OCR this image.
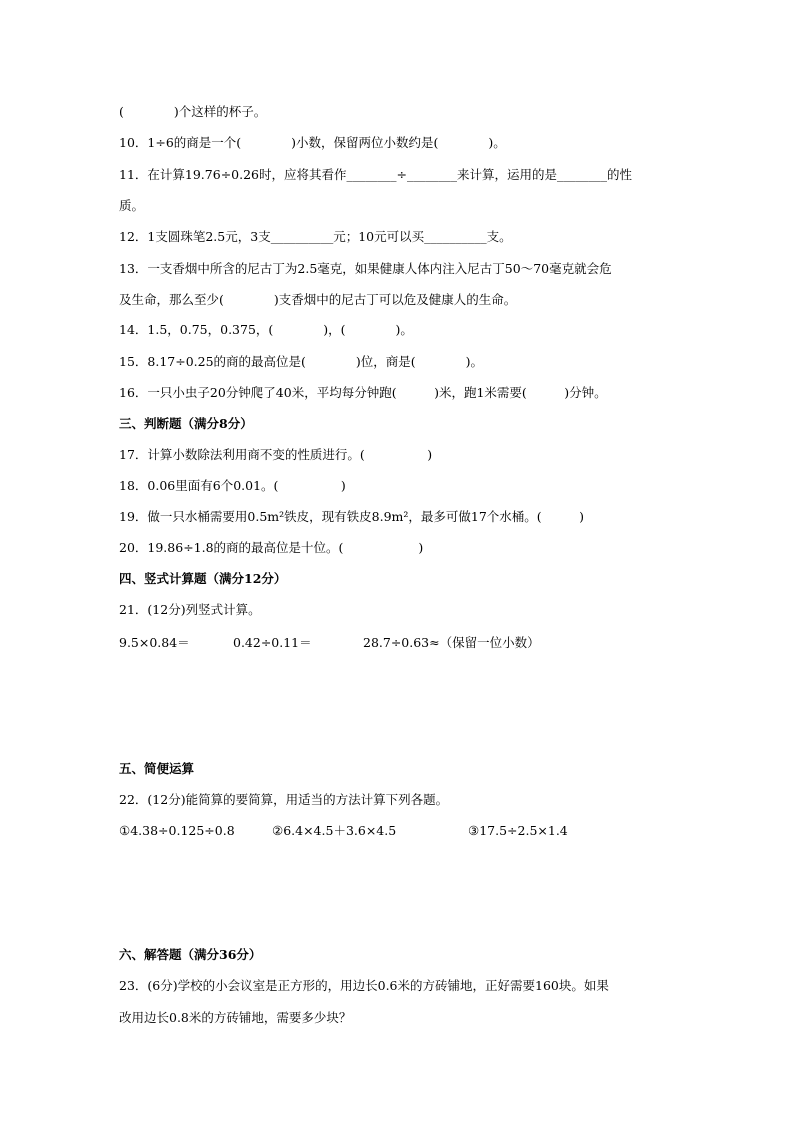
(　　　　)个这样的杯子。
10．1÷6的商是一个(　　　　)小数，保留两位小数约是(　　　　)。
11．在计算19.76÷0.26时，应将其看作________÷________来计算，运用的是________的性
质。
12．1支圆珠笔2.5元，3支__________元；10元可以买__________支。
13．一支香烟中所含的尼古丁为2.5毫克，如果健康人体内注入尼古丁50～70毫克就会危
及生命，那么至少(　　　　)支香烟中的尼古丁可以危及健康人的生命。
14．1.5，0.75，0.375，(　　　　)，(　　　　)。
15．8.17÷0.25的商的最高位是(　　　　)位，商是(　　　　)。
16．一只小虫子20分钟爬了40米，平均每分钟跑(　　　)米，跑1米需要(　　　)分钟。
三、判断题（满分8分）
17．计算小数除法利用商不变的性质进行。(　　　　　)
18．0.06里面有6个0.01。(　　　　　)
19．做一只水桶需要用0.5m²铁皮，现有铁皮8.9m²，最多可做17个水桶。(　　　)
20．19.86÷1.8的商的最高位是十位。(　　　　　　)
四、竖式计算题（满分12分）
21．(12分)列竖式计算。
9.5×0.84＝	0.42÷0.11＝	28.7÷0.63≈（保留一位小数）
五、简便运算
22．(12分)能简算的要简算，用适当的方法计算下列各题。
①4.38÷0.125÷0.8	②6.4×4.5＋3.6×4.5	③17.5÷2.5×1.4
六、解答题（满分36分）
23．(6分)学校的小会议室是正方形的，用边长0.6米的方砖铺地，正好需要160块。如果
改用边长0.8米的方砖铺地，需要多少块？
